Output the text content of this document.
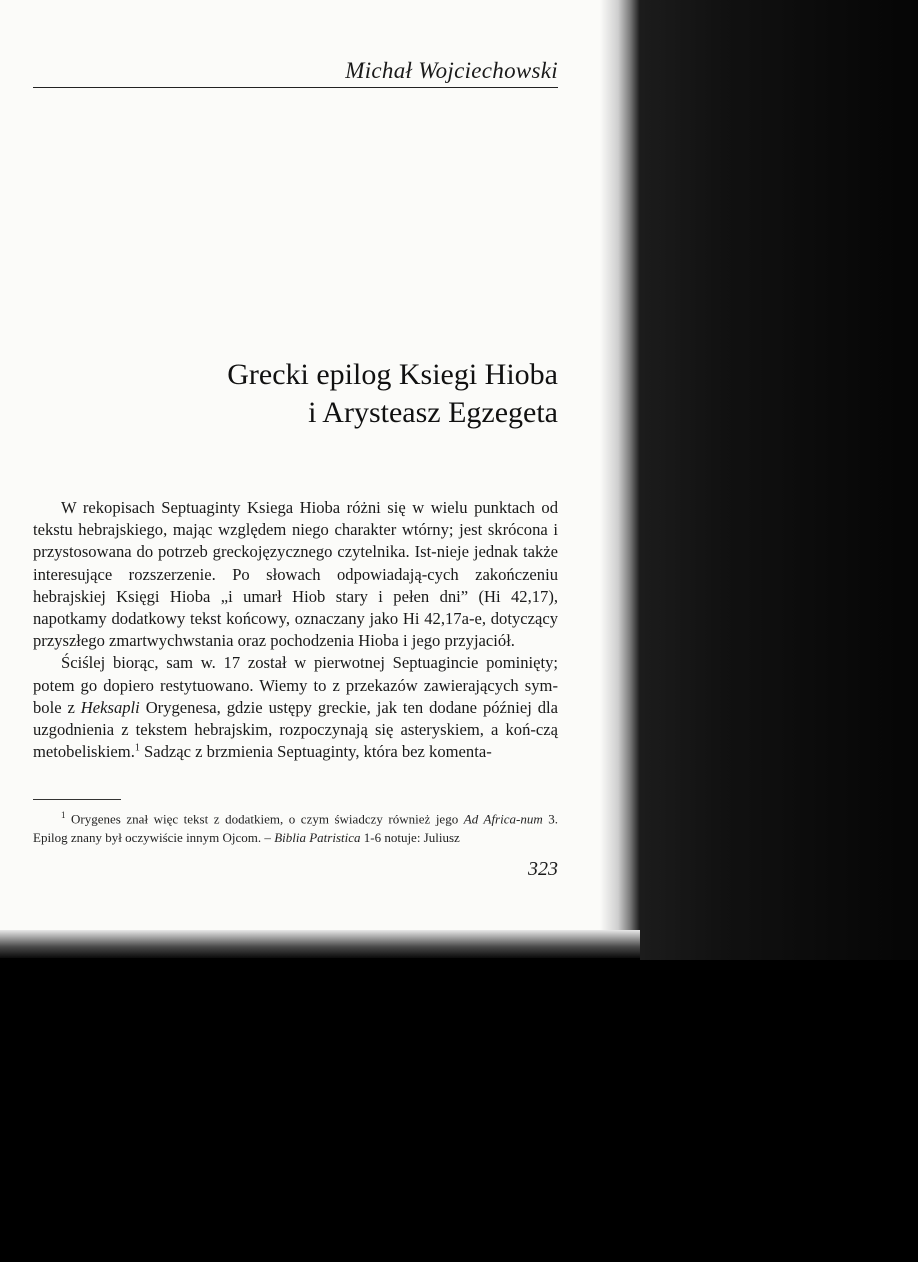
Michał Wojciechowski
Grecki epilog Ksiegi Hioba
i Arysteasz Egzegeta

W rekopisach Septuaginty Ksiega Hioba różni się w wielu punktach od tekstu hebrajskiego, mając względem niego charakter wtórny; jest skrócona i przystosowana do potrzeb greckojęzycznego czytelnika. Ist-nieje jednak także interesujące rozszerzenie. Po słowach odpowiadają-cych zakończeniu hebrajskiej Księgi Hioba „i umarł Hiob stary i pełen dni” (Hi 42,17), napotkamy dodatkowy tekst końcowy, oznaczany jako Hi 42,17a-e, dotyczący przyszłego zmartwychwstania oraz pochodzenia Hioba i jego przyjaciół.

Ściślej biorąc, sam w. 17 został w pierwotnej Septuagincie pominięty; potem go dopiero restytuowano. Wiemy to z przekazów zawierających sym-bole z Heksapli Orygenesa, gdzie ustępy greckie, jak ten dodane później dla uzgodnienia z tekstem hebrajskim, rozpoczynają się asteryskiem, a koń-czą metobeliskiem.$^1$ Sadząc z brzmienia Septuaginty, która bez komenta-

$^1$ Orygenes znał więc tekst z dodatkiem, o czym świadczy również jego Ad Africa-num 3. Epilog znany był oczywiście innym Ojcom. – Biblia Patristica 1-6 notuje: Juliusz

323
